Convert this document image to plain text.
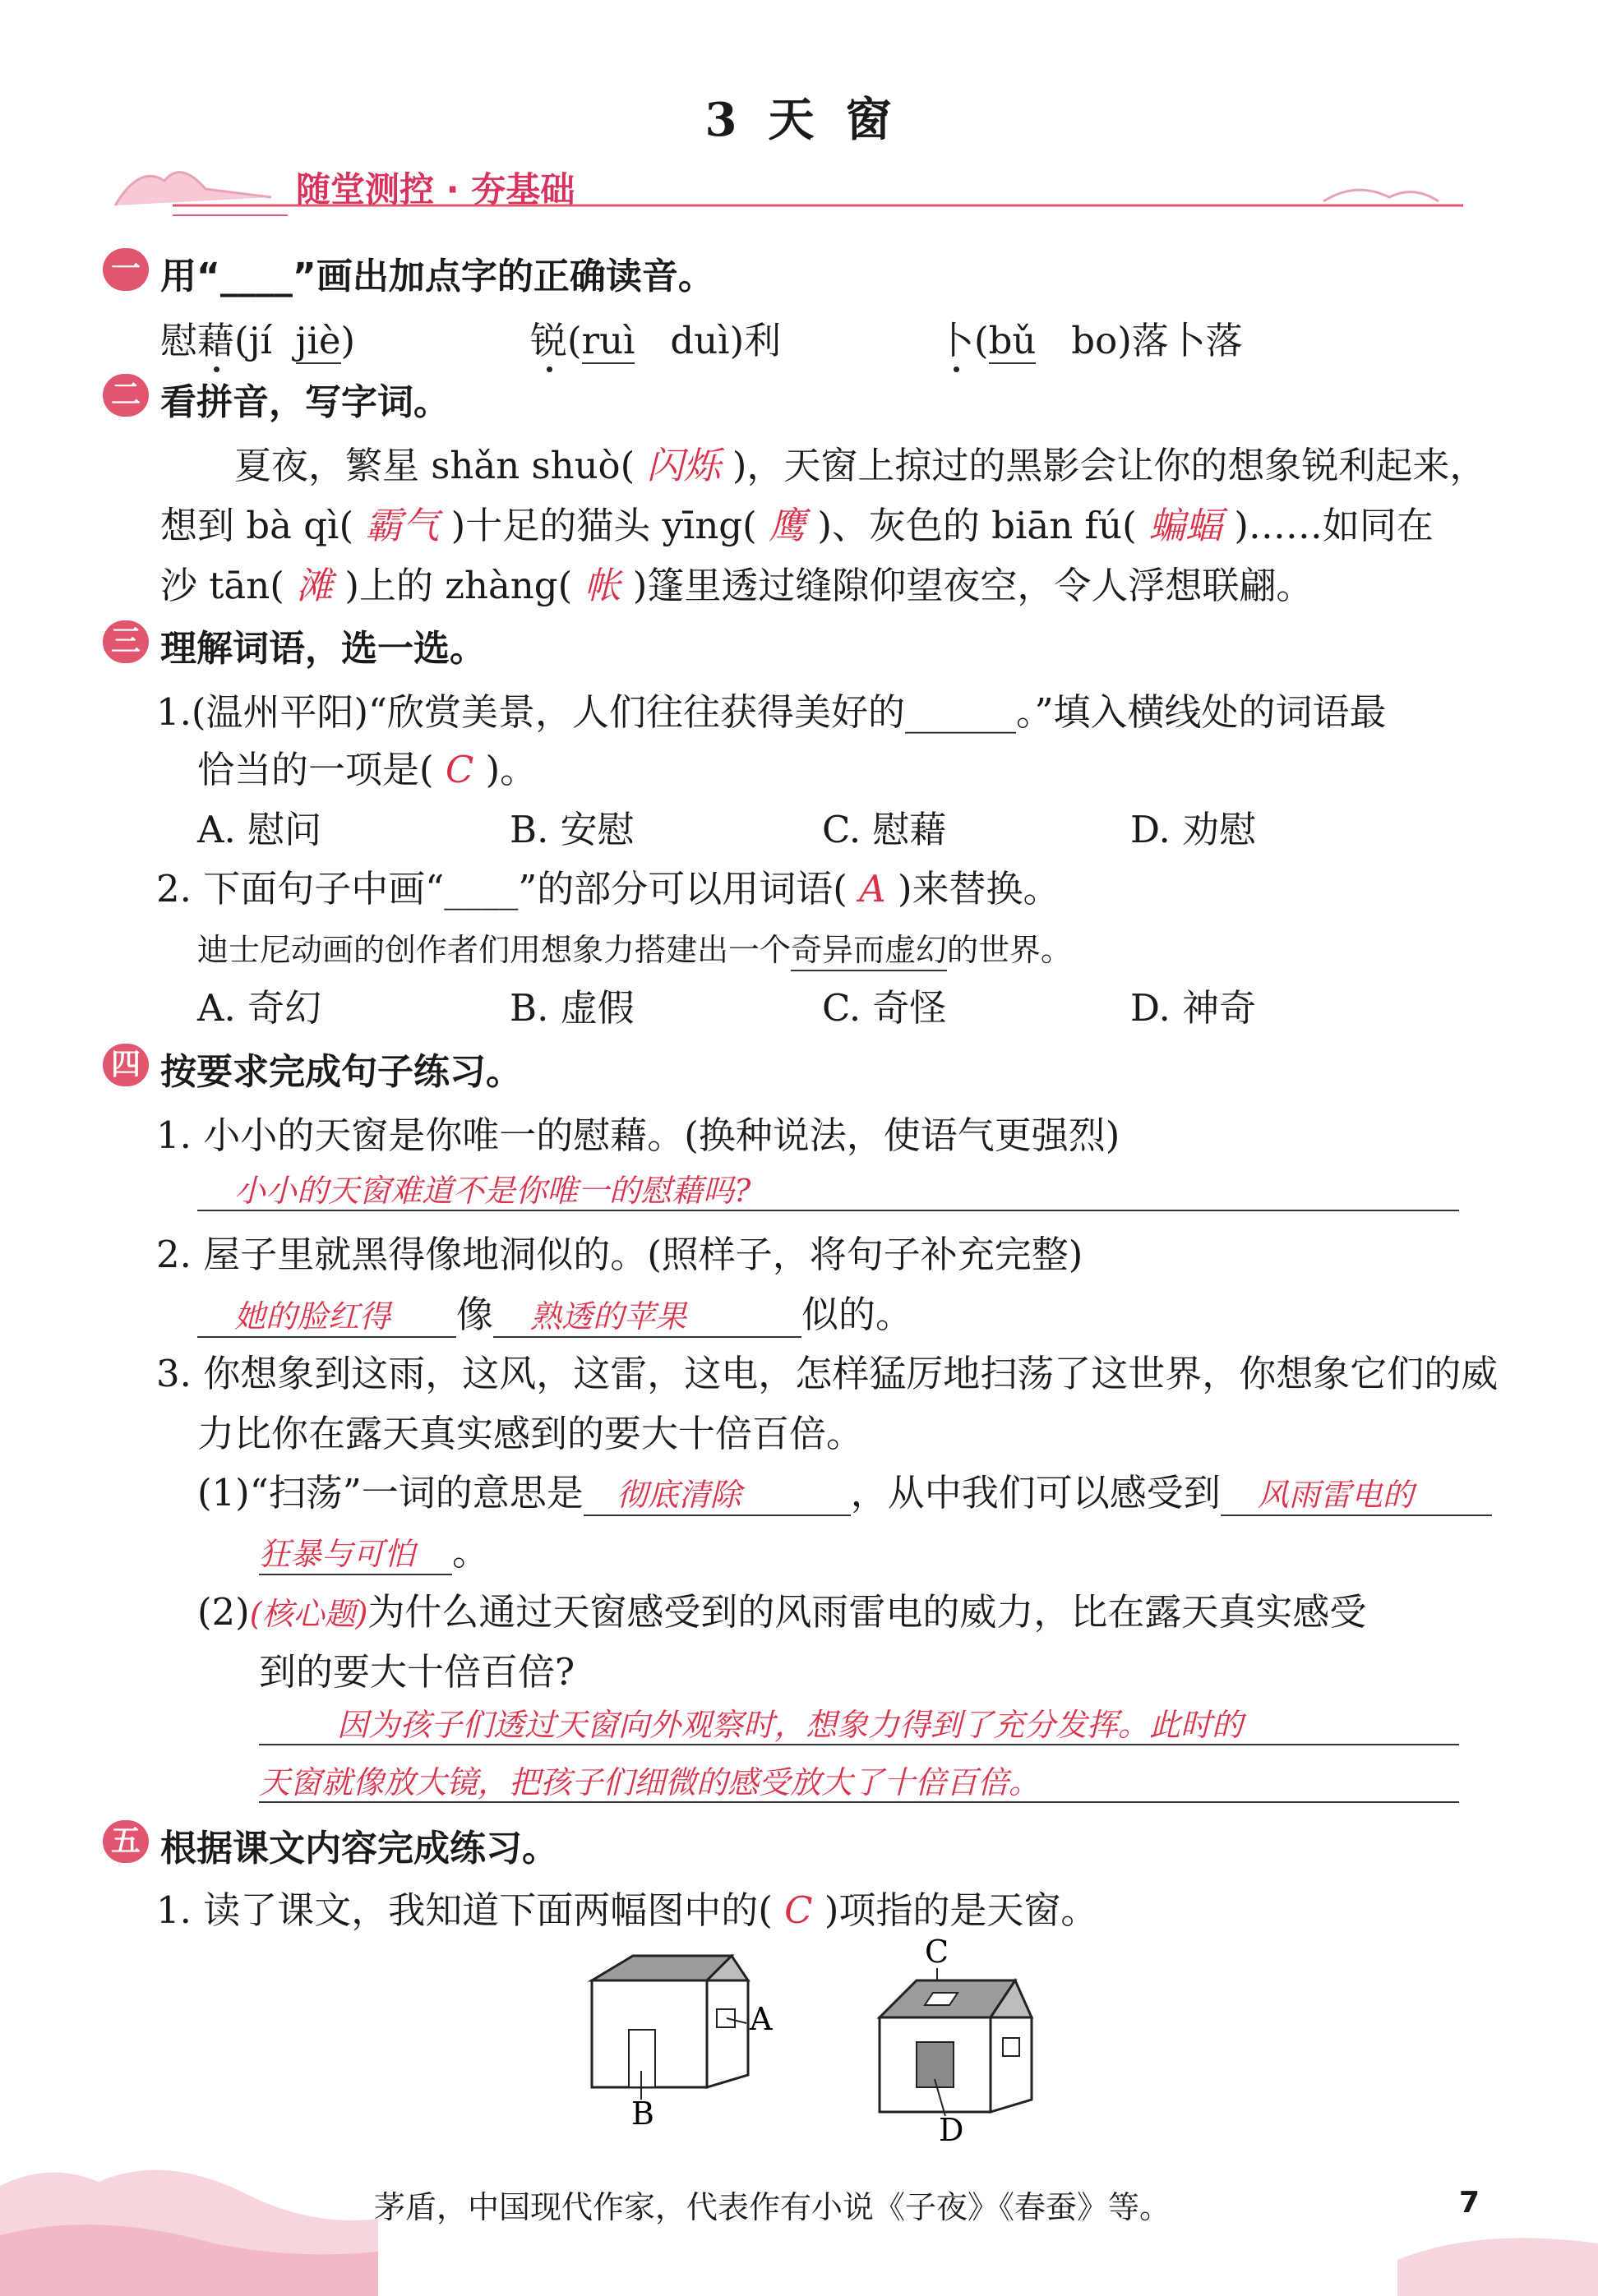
3 天 窗
随堂测控 · 夯基础
一 用“____”画出加点字的正确读音。
慰藉(jí jiè)	锐(ruì duì)利	卜(bǔ bo)落卜落
二 看拼音，写字词。
夏夜，繁星 shǎn shuò( 闪烁 )，天窗上掠过的黑影会让你的想象锐利起来，
想到 bà qì( 霸气 )十足的猫头 yīng( 鹰 )、灰色的 biān fú( 蝙蝠 )……如同在
沙 tān( 滩 )上的 zhàng( 帐 )篷里透过缝隙仰望夜空，令人浮想联翩。
三 理解词语，选一选。
1.(温州平阳)“欣赏美景，人们往往获得美好的______。”填入横线处的词语最
恰当的一项是( C )。
A. 慰问	B. 安慰	C. 慰藉	D. 劝慰
2. 下面句子中画“____”的部分可以用词语( A )来替换。
迪士尼动画的创作者们用想象力搭建出一个奇异而虚幻的世界。
A. 奇幻	B. 虚假	C. 奇怪	D. 神奇
四 按要求完成句子练习。
1. 小小的天窗是你唯一的慰藉。(换种说法，使语气更强烈)
小小的天窗难道不是你唯一的慰藉吗?
2. 屋子里就黑得像地洞似的。(照样子，将句子补充完整)
她的脸红得 像 熟透的苹果	似的。
3. 你想象到这雨，这风，这雷，这电，怎样猛厉地扫荡了这世界，你想象它们的威
力比你在露天真实感到的要大十倍百倍。
(1)“扫荡”一词的意思是 彻底清除	，从中我们可以感受到 风雨雷电的
狂暴与可怕 。
(2)(核心题)为什么通过天窗感受到的风雨雷电的威力，比在露天真实感受
到的要大十倍百倍?
因为孩子们透过天窗向外观察时，想象力得到了充分发挥。此时的
天窗就像放大镜，把孩子们细微的感受放大了十倍百倍。
五 根据课文内容完成练习。
1. 读了课文，我知道下面两幅图中的( C )项指的是天窗。
A
B
C
D
茅盾，中国现代作家，代表作有小说《子夜》《春蚕》等。	7
